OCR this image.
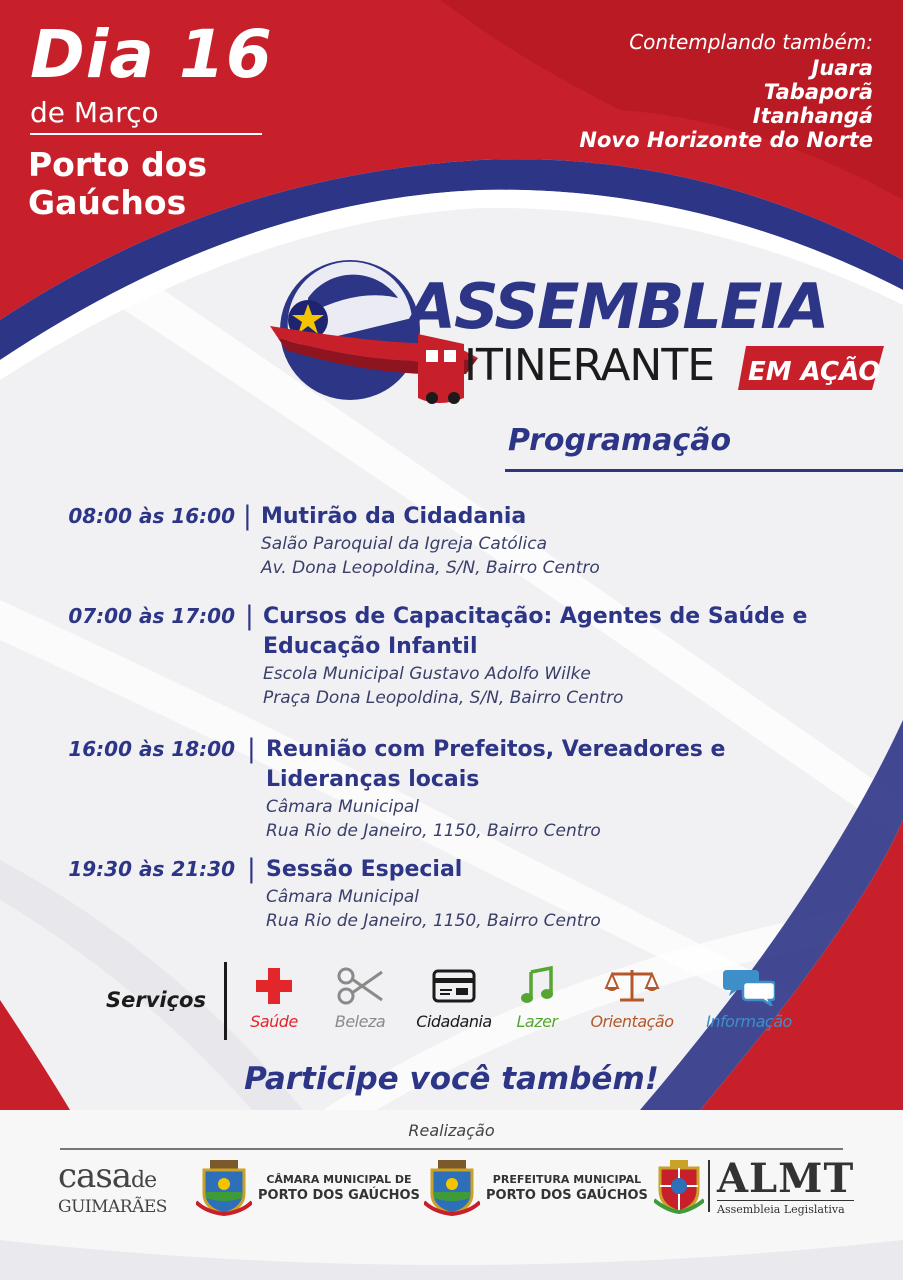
Dia 16
de Março
Porto dos Gaúchos
Contemplando também:
Juara
Tabaporã
Itanhangá
Novo Horizonte do Norte
ASSEMBLEIA
ITINERANTE EM AÇÃO
Programação
08:00 às 16:00 | Mutirão da Cidadania
Salão Paroquial da Igreja Católica
Av. Dona Leopoldina, S/N, Bairro Centro
07:00 às 17:00 | Cursos de Capacitação: Agentes de Saúde e
Educação Infantil
Escola Municipal Gustavo Adolfo Wilke
Praça Dona Leopoldina, S/N, Bairro Centro
16:00 às 18:00 | Reunião com Prefeitos, Vereadores e
Lideranças locais
Câmara Municipal
Rua Rio de Janeiro, 1150, Bairro Centro
19:30 às 21:30 | Sessão Especial
Câmara Municipal
Rua Rio de Janeiro, 1150, Bairro Centro
Serviços
Saúde	Beleza	Cidadania	Lazer	Orientação	Informação
Participe você também!
Realização
casade
GUIMARÃES
CÂMARA MUNICIPAL DE
PORTO DOS GAÚCHOS
PREFEITURA MUNICIPAL
PORTO DOS GAÚCHOS ALMT
Assembleia Legislativa
